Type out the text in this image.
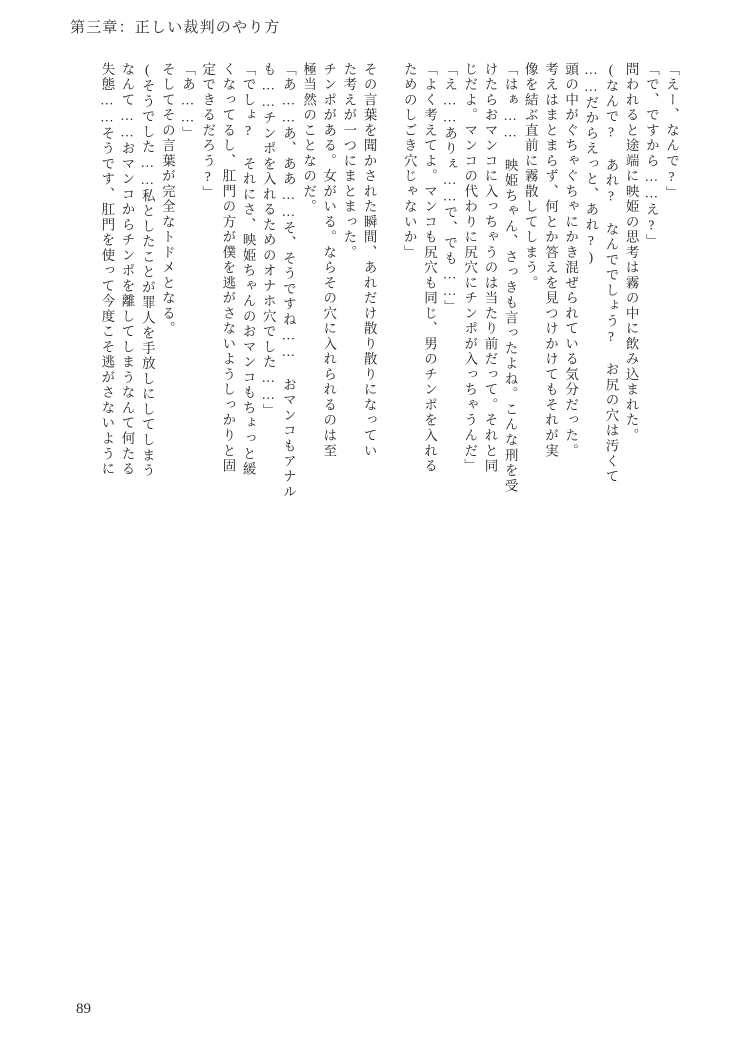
第三章：正しい裁判のやり方
「えー、なんで?」
「で、ですから……え?」
問われると途端に映姫の思考は霧の中に飲み込まれた。
(なんで? あれ? なんででしょう? お尻の穴は汚くて
……だからえっと、あれ?)
頭の中がぐちゃぐちゃにかき混ぜられている気分だった。
考えはまとまらず、何とか答えを見つけかけてもそれが実
像を結ぶ直前に霧散してしまう。
「はぁ…… 映姫ちゃん、さっきも言ったよね。こんな刑を受
けたらおマンコに入っちゃうのは当たり前だって。それと同
じだよ。マンコの代わりに尻穴にチンポが入っちゃうんだ」
「え……ありぇ……で、でも……」
「よく考えてよ。マンコも尻穴も同じ、男のチンポを入れる
ためのしごき穴じゃないか」
その言葉を聞かされた瞬間、あれだけ散り散りになってい
た考えが一つにまとまった。
チンポがある。女がいる。ならその穴に入れられるのは至
極当然のことなのだ。
「あ……あ、ああ……そ、そうですね…… おマンコもアナル
も……チンポを入れるためのオナホ穴でした……」
「でしょ? それにさ、映姫ちゃんのおマンコもちょっと緩
くなってるし、肛門の方が僕を逃がさないようしっかりと固
定できるだろう?」
「あ……」
そしてその言葉が完全なトドメとなる。
(そうでした……私としたことが罪人を手放しにしてしまう
なんて……おマンコからチンポを離してしまうなんて何たる
失態……そうです、肛門を使って今度こそ逃がさないように
89
